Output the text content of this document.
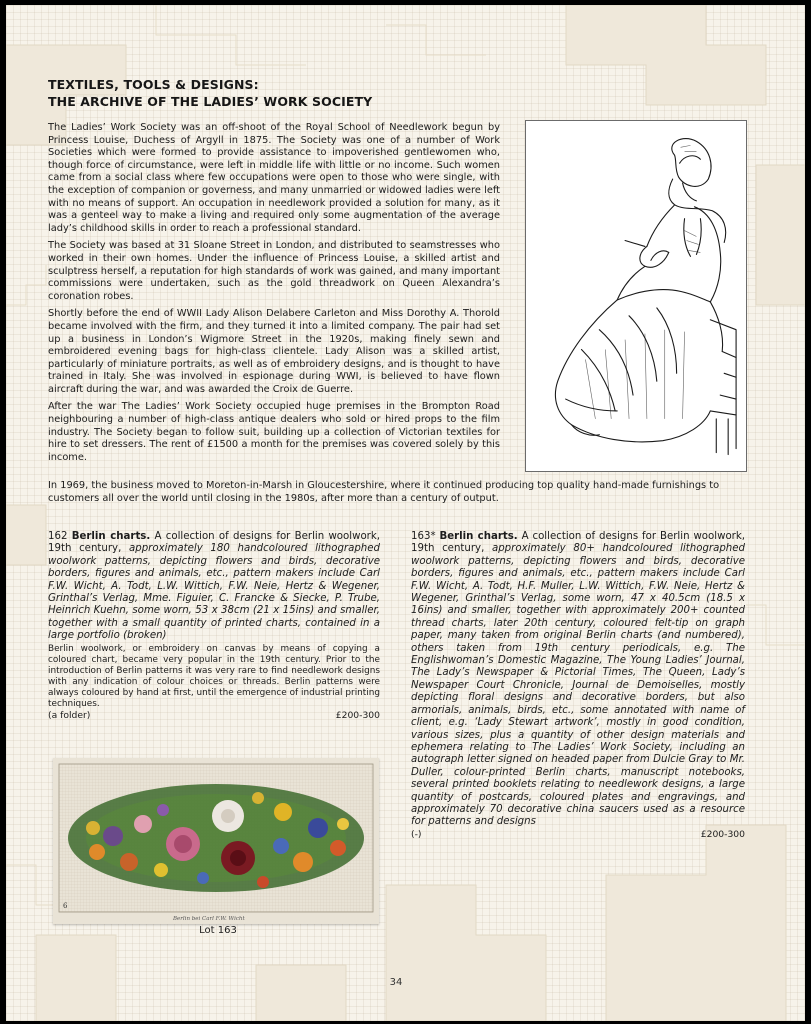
TEXTILES, TOOLS & DESIGNS:
THE ARCHIVE OF THE LADIES’ WORK SOCIETY

The Ladies’ Work Society was an off-shoot of the Royal School of Needlework begun by Princess Louise, Duchess of Argyll in 1875. The Society was one of a number of Work Societies which were formed to provide assistance to impoverished gentlewomen who, though force of circumstance, were left in middle life with little or no income. Such women came from a social class where few occupations were open to those who were single, with the exception of companion or governess, and many unmarried or widowed ladies were left with no means of support. An occupation in needlework provided a solution for many, as it was a genteel way to make a living and required only some augmentation of the average lady’s childhood skills in order to reach a professional standard.

The Society was based at 31 Sloane Street in London, and distributed to seamstresses who worked in their own homes. Under the influence of Princess Louise, a skilled artist and sculptress herself, a reputation for high standards of work was gained, and many important commissions were undertaken, such as the gold threadwork on Queen Alexandra’s coronation robes.

Shortly before the end of WWII Lady Alison Delabere Carleton and Miss Dorothy A. Thorold became involved with the firm, and they turned it into a limited company. The pair had set up a business in London’s Wigmore Street in the 1920s, making finely sewn and embroidered evening bags for high-class clientele. Lady Alison was a skilled artist, particularly of miniature portraits, as well as of embroidery designs, and is thought to have trained in Italy. She was involved in espionage during WWI, is believed to have flown aircraft during the war, and was awarded the Croix de Guerre.

After the war The Ladies’ Work Society occupied huge premises in the Brompton Road neighbouring a number of high-class antique dealers who sold or hired props to the film industry. The Society began to follow suit, building up a collection of Victorian textiles for hire to set dressers. The rent of £1500 a month for the premises was covered solely by this income.

In 1969, the business moved to Moreton-in-Marsh in Gloucestershire, where it continued producing top quality hand-made furnishings to customers all over the world until closing in the 1980s, after more than a century of output.

162 Berlin charts. A collection of designs for Berlin woolwork, 19th century, approximately 180 handcoloured lithographed woolwork patterns, depicting flowers and birds, decorative borders, figures and animals, etc., pattern makers include Carl F.W. Wicht, A. Todt, L.W. Wittich, F.W. Neie, Hertz & Wegener, Grinthal’s Verlag, Mme. Figuier, C. Francke & Siecke, P. Trube, Heinrich Kuehn, some worn, 53 x 38cm (21 x 15ins) and smaller, together with a small quantity of printed charts, contained in a large portfolio (broken)

Berlin woolwork, or embroidery on canvas by means of copying a coloured chart, became very popular in the 19th century. Prior to the introduction of Berlin patterns it was very rare to find needlework designs with any indication of colour choices or threads. Berlin patterns were always coloured by hand at first, until the emergence of industrial printing techniques.

(a folder)	£200-300

163* Berlin charts. A collection of designs for Berlin woolwork, 19th century, approximately 80+ handcoloured lithographed woolwork patterns, depicting flowers and birds, decorative borders, figures and animals, etc., pattern makers include Carl F.W. Wicht, A. Todt, H.F. Muller, L.W. Wittich, F.W. Neie, Hertz & Wegener, Grinthal’s Verlag, some worn, 47 x 40.5cm (18.5 x 16ins) and smaller, together with approximately 200+ counted thread charts, later 20th century, coloured felt-tip on graph paper, many taken from original Berlin charts (and numbered), others taken from 19th century periodicals, e.g. The Englishwoman’s Domestic Magazine, The Young Ladies’ Journal, The Lady’s Newspaper & Pictorial Times, The Queen, Lady’s Newspaper Court Chronicle, Journal de Demoiselles, mostly depicting floral designs and decorative borders, but also armorials, animals, birds, etc., some annotated with name of client, e.g. ‘Lady Stewart artwork’, mostly in good condition, various sizes, plus a quantity of other design materials and ephemera relating to The Ladies’ Work Society, including an autograph letter signed on headed paper from Dulcie Gray to Mr. Duller, colour-printed Berlin charts, manuscript notebooks, several printed booklets relating to needlework designs, a large quantity of postcards, coloured plates and engravings, and approximately 70 decorative china saucers used as a resource for patterns and designs

(-)	£200-300
6
Berlin bei Carl F.W. Wicht
Lot 163
34
